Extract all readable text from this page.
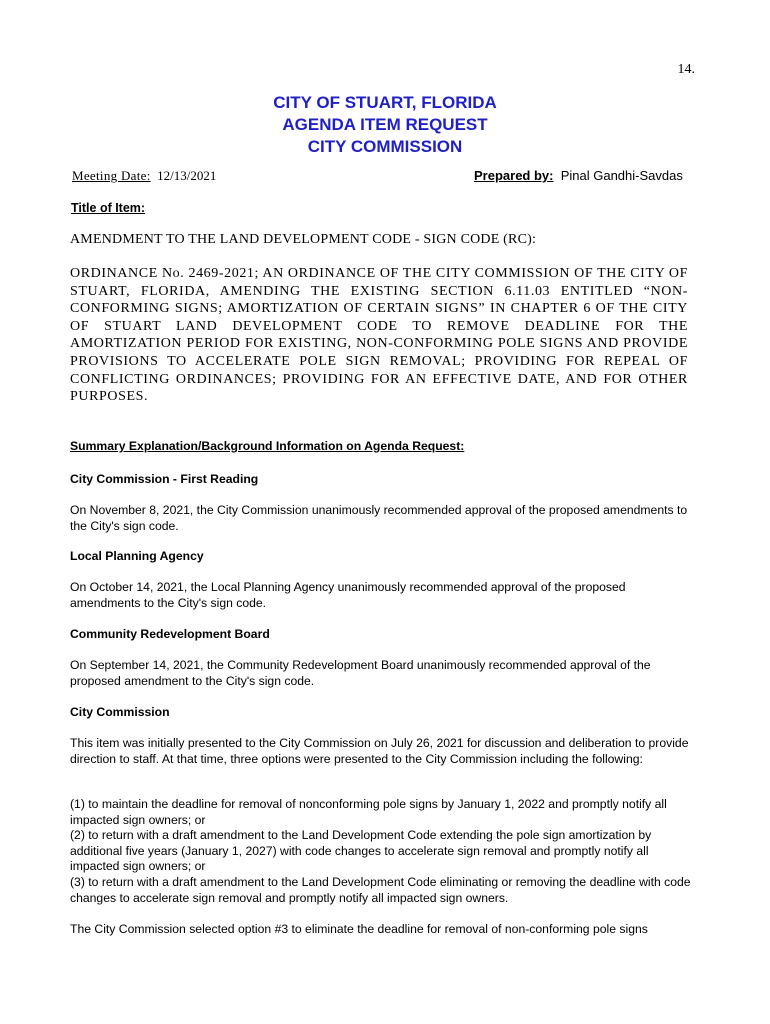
14.
CITY OF STUART, FLORIDA
AGENDA ITEM REQUEST
CITY COMMISSION
Meeting Date: 12/13/2021	Prepared by: Pinal Gandhi-Savdas
Title of Item:
AMENDMENT TO THE LAND DEVELOPMENT CODE - SIGN CODE (RC):
ORDINANCE No. 2469-2021; AN ORDINANCE OF THE CITY COMMISSION OF THE CITY OF STUART, FLORIDA, AMENDING THE EXISTING SECTION 6.11.03 ENTITLED “NON-CONFORMING SIGNS; AMORTIZATION OF CERTAIN SIGNS” IN CHAPTER 6 OF THE CITY OF STUART LAND DEVELOPMENT CODE TO REMOVE DEADLINE FOR THE AMORTIZATION PERIOD FOR EXISTING, NON-CONFORMING POLE SIGNS AND PROVIDE PROVISIONS TO ACCELERATE POLE SIGN REMOVAL; PROVIDING FOR REPEAL OF CONFLICTING ORDINANCES; PROVIDING FOR AN EFFECTIVE DATE, AND FOR OTHER PURPOSES.
Summary Explanation/Background Information on Agenda Request:
City Commission - First Reading
On November 8, 2021, the City Commission unanimously recommended approval of the proposed amendments to the City's sign code.
Local Planning Agency
On October 14, 2021, the Local Planning Agency unanimously recommended approval of the proposed amendments to the City's sign code.
Community Redevelopment Board
On September 14, 2021, the Community Redevelopment Board unanimously recommended approval of the proposed amendment to the City's sign code.
City Commission
This item was initially presented to the City Commission on July 26, 2021 for discussion and deliberation to provide direction to staff. At that time, three options were presented to the City Commission including the following:
(1) to maintain the deadline for removal of nonconforming pole signs by January 1, 2022 and promptly notify all impacted sign owners; or
(2) to return with a draft amendment to the Land Development Code extending the pole sign amortization by additional five years (January 1, 2027) with code changes to accelerate sign removal and promptly notify all impacted sign owners; or
(3) to return with a draft amendment to the Land Development Code eliminating or removing the deadline with code changes to accelerate sign removal and promptly notify all impacted sign owners.
The City Commission selected option #3 to eliminate the deadline for removal of non-conforming pole signs
